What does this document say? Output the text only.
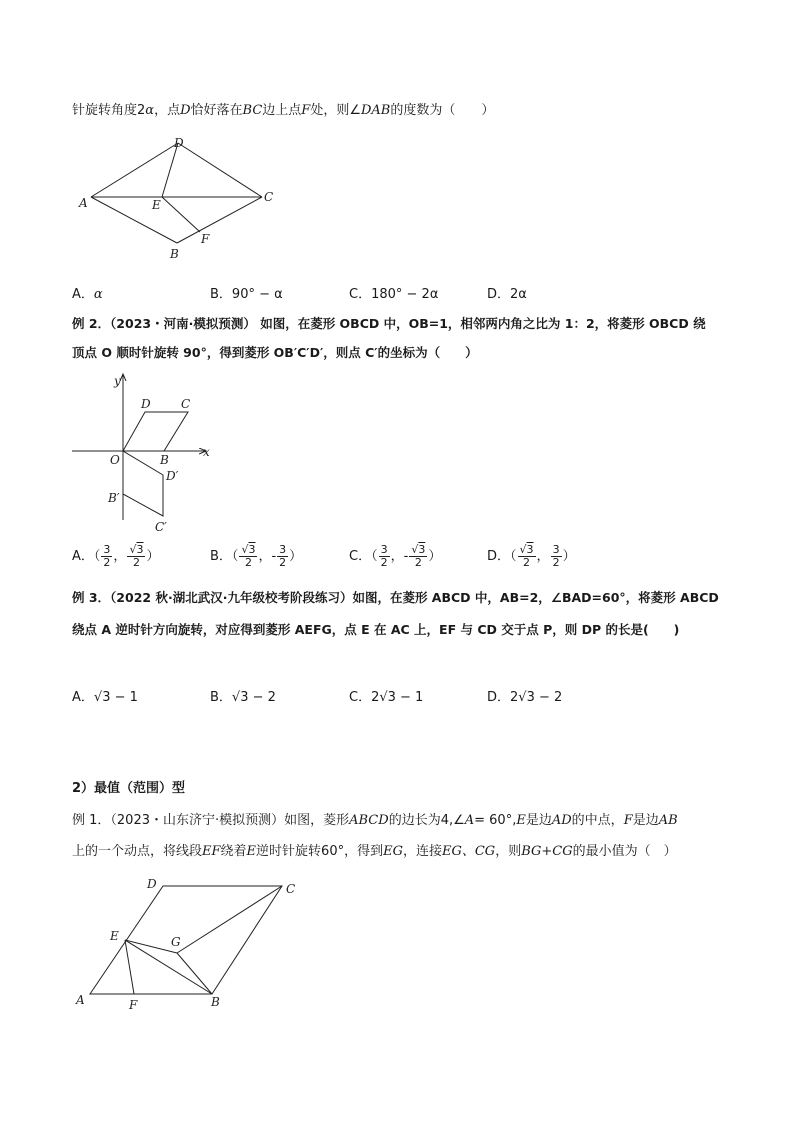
针旋转角度2α，点D恰好落在BC边上点F处，则∠DAB的度数为（　　）
D
A	E
C
F
B
A．α	B．90° − α	C．180° − 2α	D．2α
例 2．（2023・河南·模拟预测） 如图，在菱形 OBCD 中，OB=1，相邻两内角之比为 1：2，将菱形 OBCD 绕
顶点 O 顺时针旋转 90°，得到菱形 OB′C′D′，则点 C′的坐标为（　　）
y
D	C
O	B
x
D′
B′
C′
A．（ $\frac{3}{2}$ ， $\frac{√3}{2}$ ）	B．（ $\frac{√3}{2}$ ，- $\frac{3}{2}$ ）	C．（ $\frac{3}{2}$ ，- $\frac{√3}{2}$ ）	D．（ $\frac{√3}{2}$ ， $\frac{3}{2}$ ）
例 3．（2022 秋·湖北武汉·九年级校考阶段练习）如图，在菱形 ABCD 中，AB=2，∠BAD=60°，将菱形 ABCD
绕点 A 逆时针方向旋转，对应得到菱形 AEFG，点 E 在 AC 上，EF 与 CD 交于点 P，则 DP 的长是(　　)
A．√3 − 1	B．√3 − 2	C．2√3 − 1	D．2√3 − 2
2）最值（范围）型
例 1．（2023・山东济宁·模拟预测）如图，菱形ABCD的边长为4,∠A= 60°,E是边AD的中点，F是边AB
上的一个动点，将线段EF绕着E逆时针旋转60°，得到EG，连接EG、CG，则BG+CG的最小值为（　）
D	C
E	G
A	F	B
